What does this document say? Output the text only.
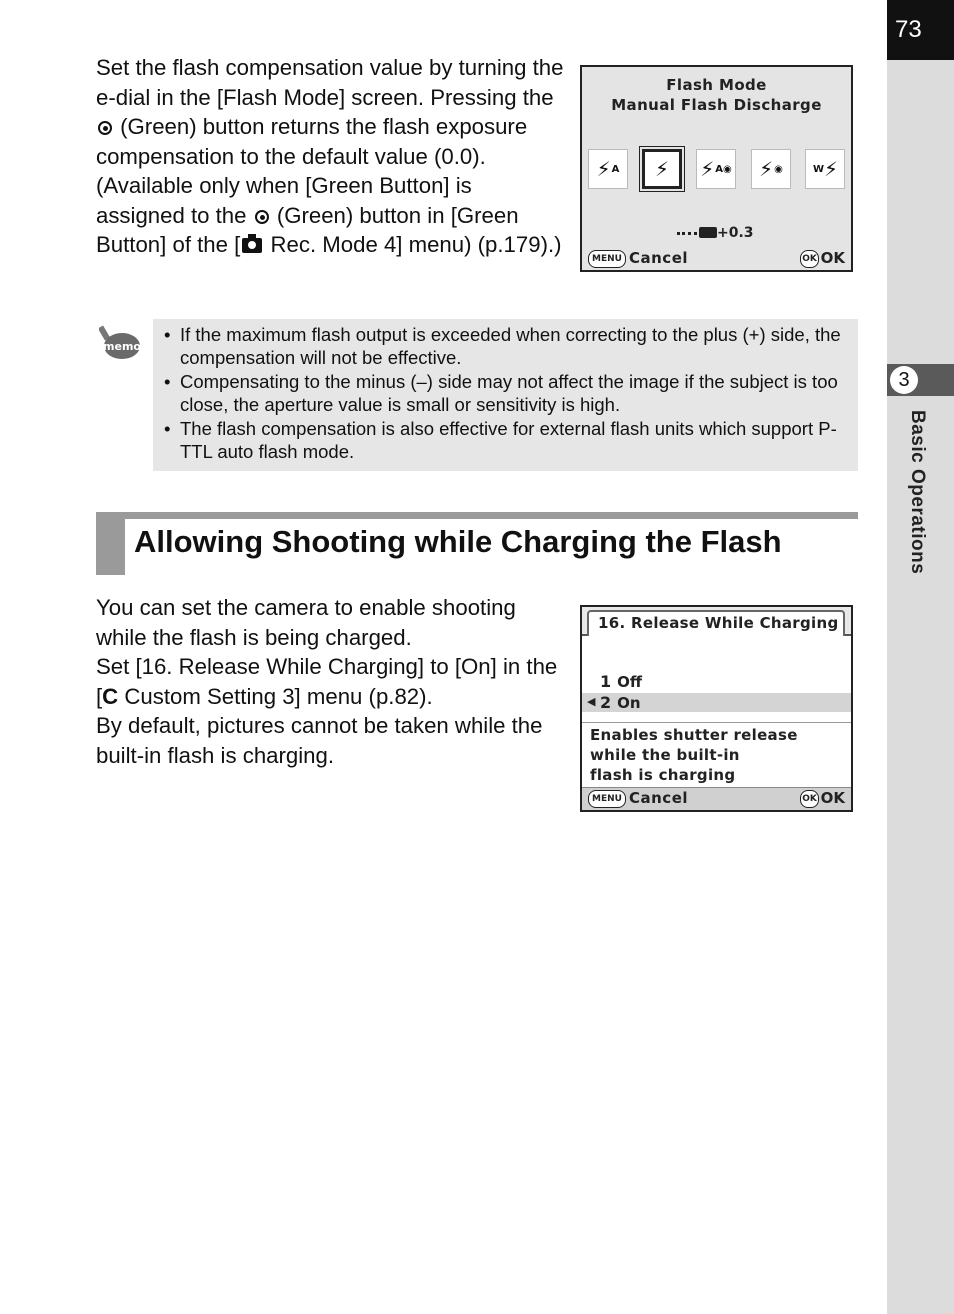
73
3
Basic Operations
Set the flash compensation value by turning the e-dial in the [Flash Mode] screen. Pressing the  (Green) button returns the flash exposure compensation to the default value (0.0). (Available only when [Green Button] is assigned to the  (Green) button in [Green Button] of the [ Rec. Mode 4] menu) (p.179).)
Flash Mode
Manual Flash Discharge
⚡ A	⚡	⚡ A◉	⚡ ◉	W ⚡
+0.3
MENU Cancel	OK OK
memo
• If the maximum flash output is exceeded when correcting to the plus (+) side, the compensation will not be effective.
• Compensating to the minus (–) side may not affect the image if the subject is too close, the aperture value is small or sensitivity is high.
• The flash compensation is also effective for external flash units which support P-TTL auto flash mode.
Allowing Shooting while Charging the Flash
You can set the camera to enable shooting while the flash is being charged.
Set [16. Release While Charging] to [On] in the [C Custom Setting 3] menu (p.82).
By default, pictures cannot be taken while the built-in flash is charging.
16. Release While Charging
◀
1 Off
2 On
Enables shutter release
while the built-in
flash is charging
MENU Cancel	OK OK
